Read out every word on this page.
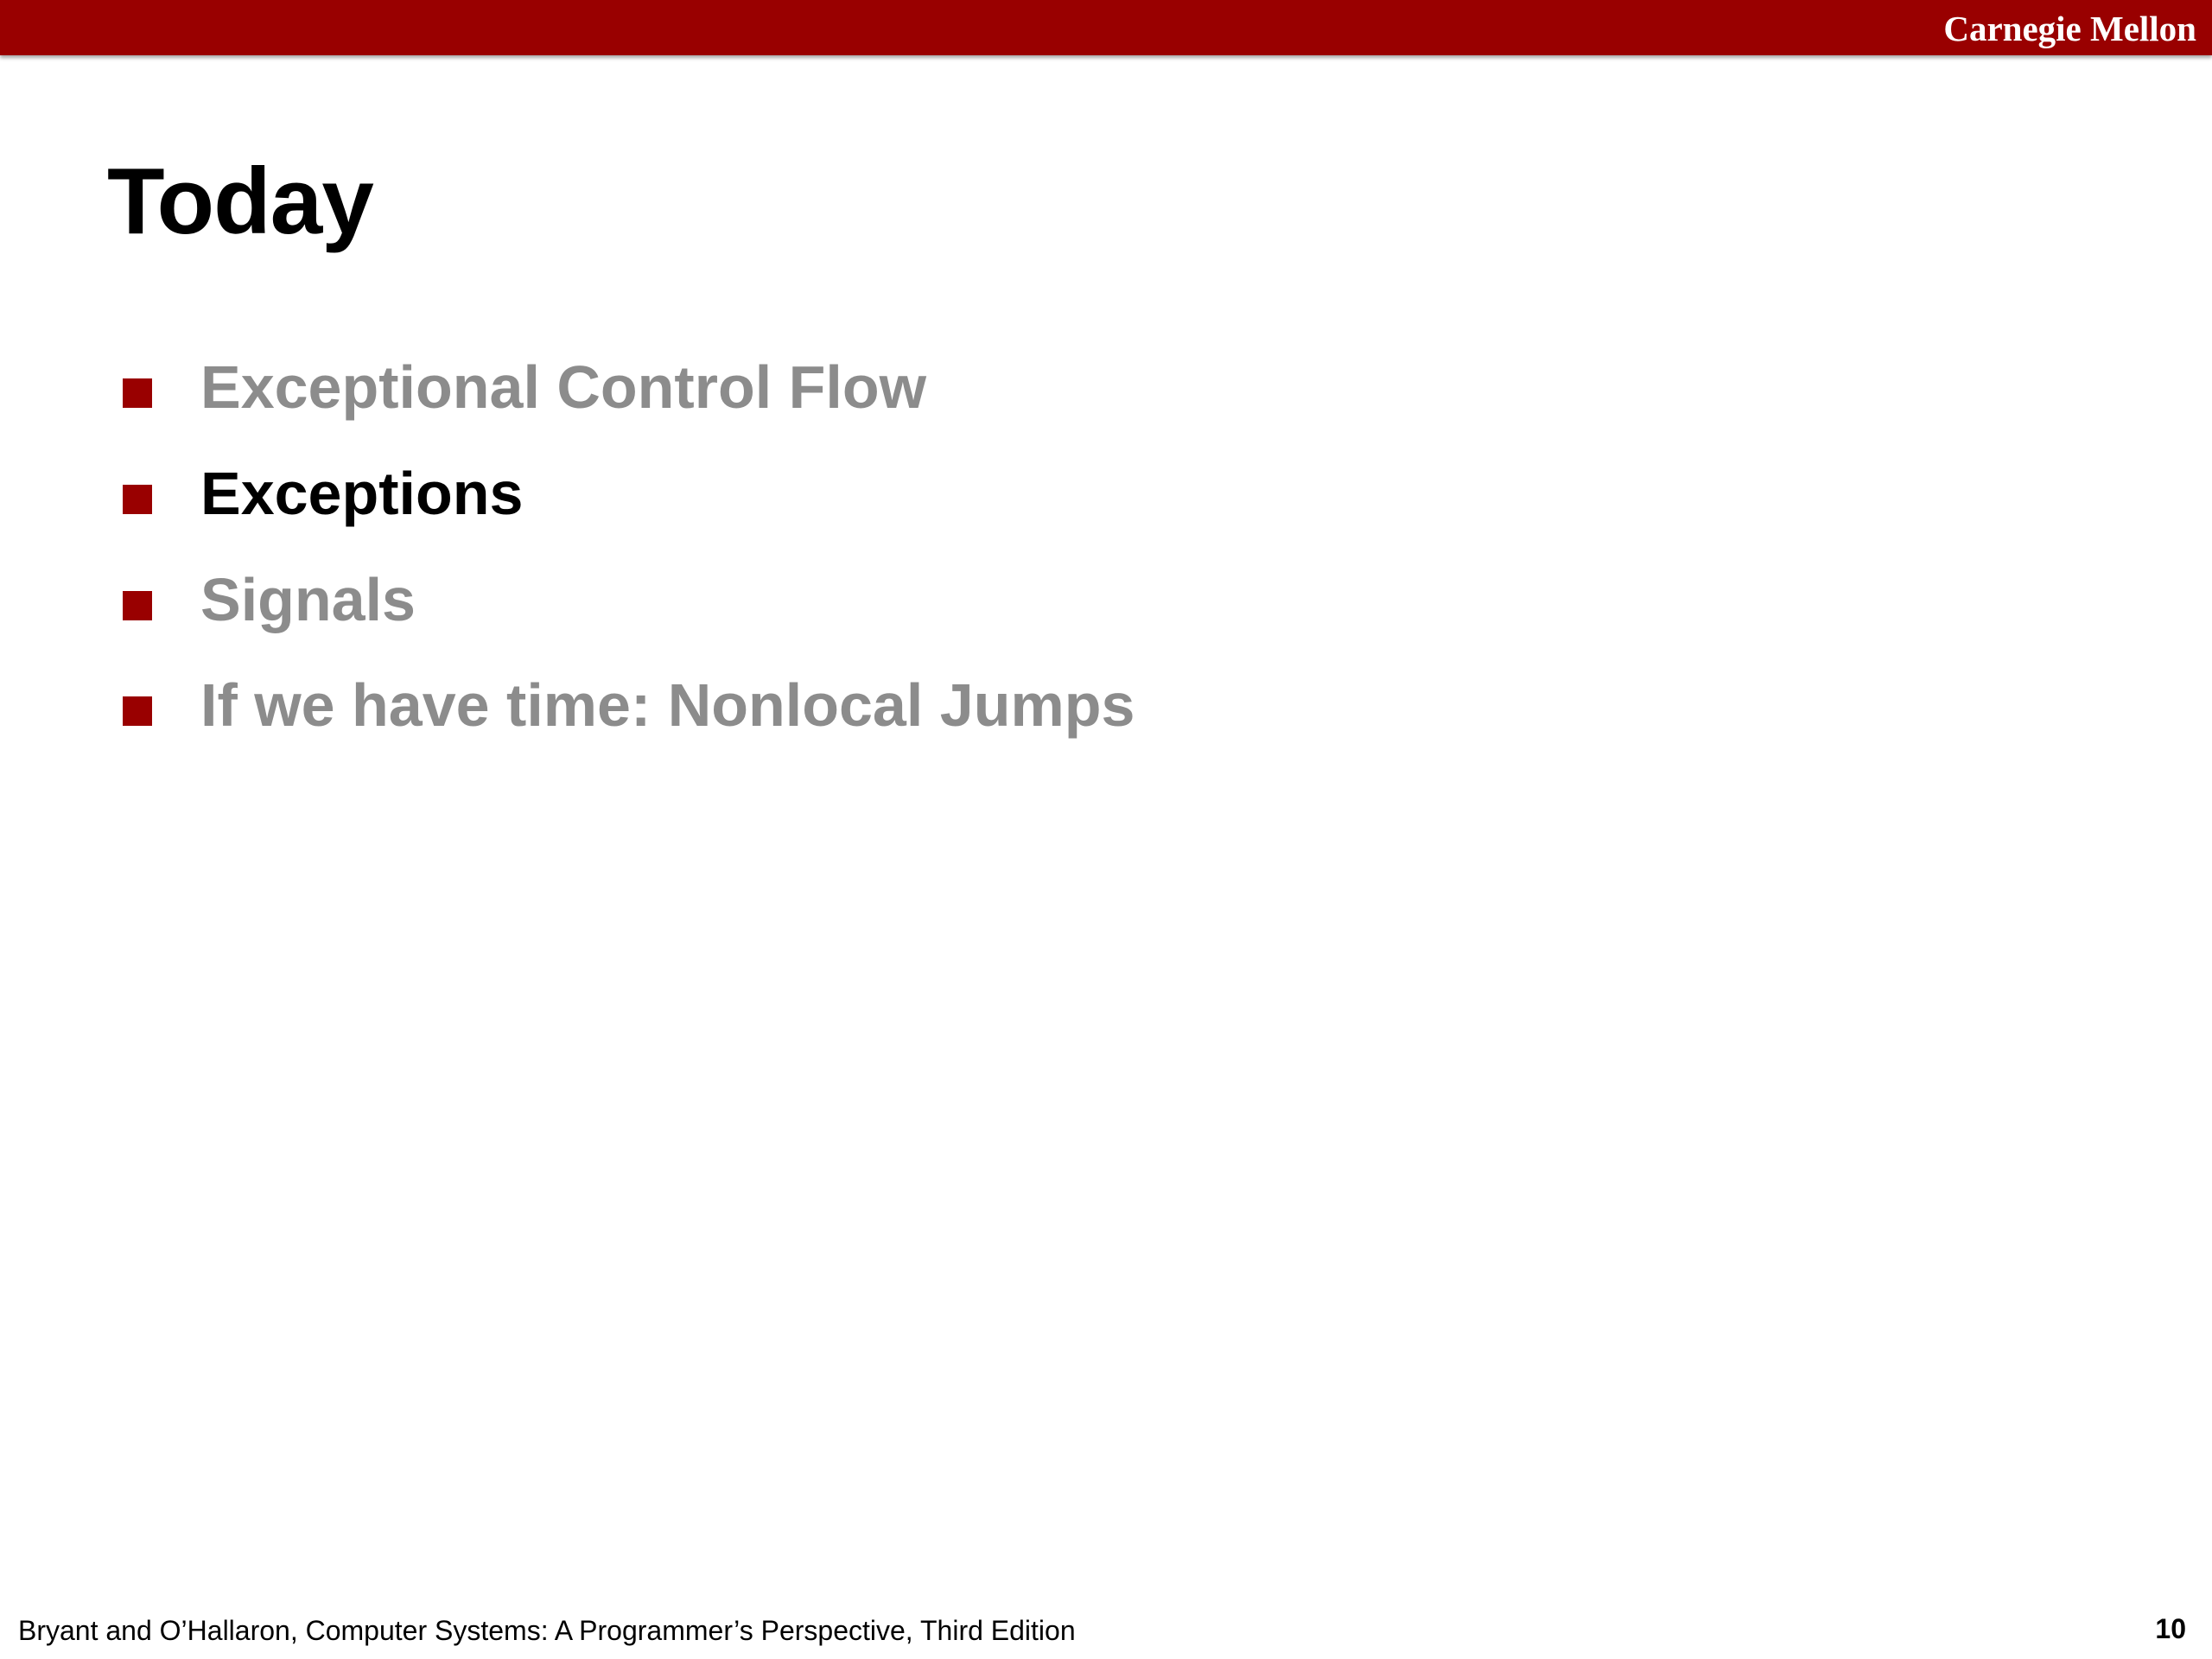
Carnegie Mellon
Today
Exceptional Control Flow
Exceptions
Signals
If we have time: Nonlocal Jumps
Bryant and O’Hallaron, Computer Systems: A Programmer’s Perspective, Third Edition	10
